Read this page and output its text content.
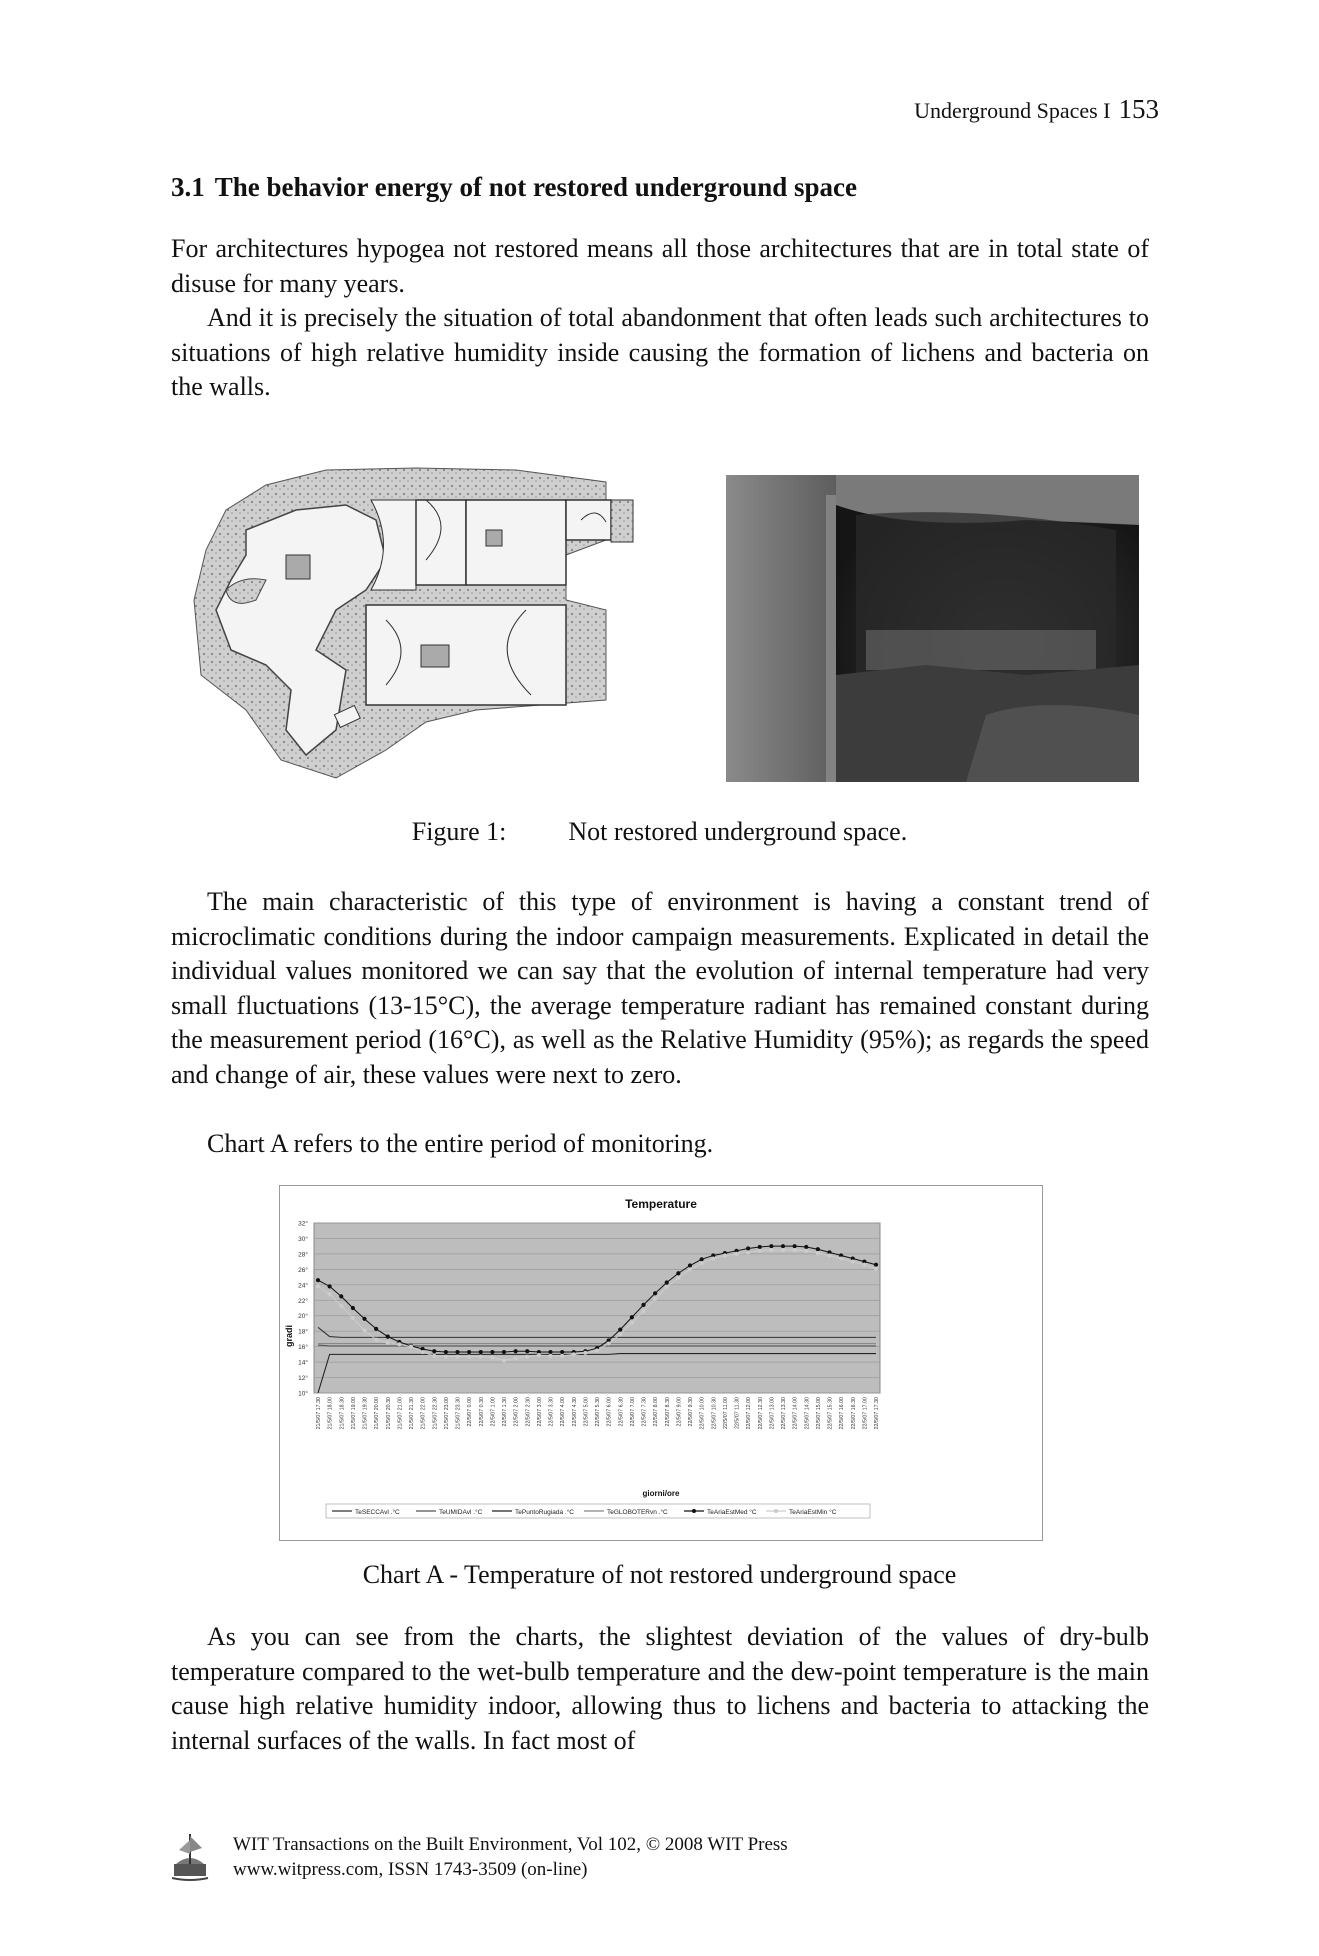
Underground Spaces I 153
3.1 The behavior energy of not restored underground space

For architectures hypogea not restored means all those architectures that are in total state of disuse for many years.

And it is precisely the situation of total abandonment that often leads such architectures to situations of high relative humidity inside causing the formation of lichens and bacteria on the walls.

Figure 1: Not restored underground space.

The main characteristic of this type of environment is having a constant trend of microclimatic conditions during the indoor campaign measurements. Explicated in detail the individual values monitored we can say that the evolution of internal temperature had very small fluctuations (13-15°C), the average temperature radiant has remained constant during the measurement period (16°C), as well as the Relative Humidity (95%); as regards the speed and change of air, these values were next to zero.

Chart A refers to the entire period of monitoring.

Temperature
gradi
giorni/ore
10°
12°
14°
16°
18°
20°
22°
24°
26°
28°
30°
32°
21/5/07 17.30 21/5/07 18.00 21/5/07 18.30 21/5/07 19.00 21/5/07 19.30 21/5/07 20.00 21/5/07 20.30 21/5/07 21.00 21/5/07 21.30 21/5/07 22.00 21/5/07 22.30 21/5/07 23.00 21/5/07 23.30 22/5/07 0.00 22/5/07 0.30 22/5/07 1.00 22/5/07 1.30 22/5/07 2.00 22/5/07 2.30 22/5/07 3.00 22/5/07 3.30 22/5/07 4.00 22/5/07 4.30 22/5/07 5.00 22/5/07 5.30 22/5/07 6.00 22/5/07 6.30 22/5/07 7.00 22/5/07 7.30 22/5/07 8.00 22/5/07 8.30 22/5/07 9.00 22/5/07 9.30 22/5/07 10.00 22/5/07 10.30 22/5/07 11.00 22/5/07 11.30 22/5/07 12.00 22/5/07 12.30 22/5/07 13.00 22/5/07 13.30 22/5/07 14.00 22/5/07 14.30 22/5/07 15.00 22/5/07 15.30 22/5/07 16.00 22/5/07 16.30 22/5/07 17.00 22/5/07 17.30
TeSECCAvl .°C	TeUMIDAvl .°C	TePuntoRugiada .°C	TeGLOBOTERvn .°C	TeAriaEstMed °C	TeAriaEstMin °C
Chart A - Temperature of not restored underground space

As you can see from the charts, the slightest deviation of the values of dry-bulb temperature compared to the wet-bulb temperature and the dew-point temperature is the main cause high relative humidity indoor, allowing thus to lichens and bacteria to attacking the internal surfaces of the walls. In fact most of

WIT Transactions on the Built Environment, Vol 102, © 2008 WIT Press
www.witpress.com, ISSN 1743-3509 (on-line)
